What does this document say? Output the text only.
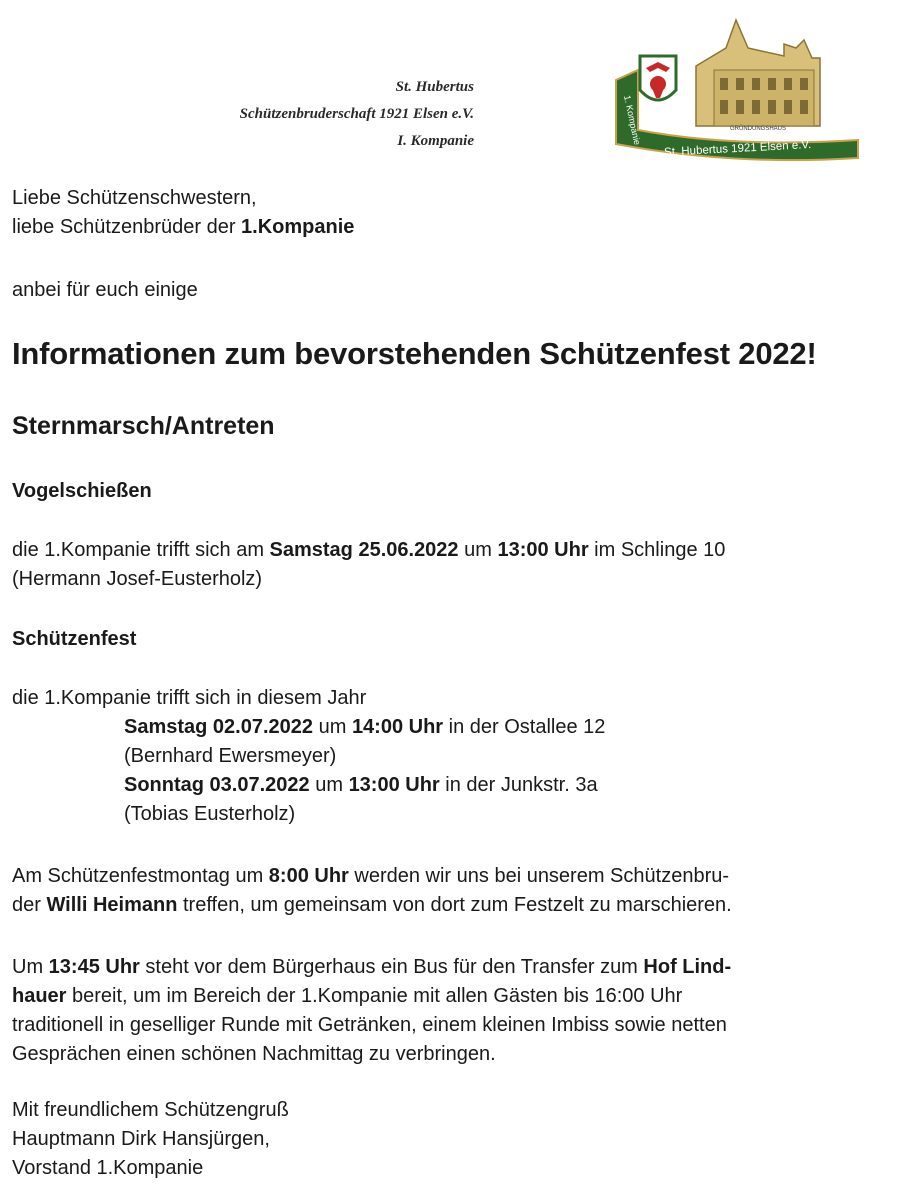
St. Hubertus
Schützenbruderschaft 1921 Elsen e.V.
I. Kompanie
GRÜNDUNGSHAUS
1. Kompanie
St. Hubertus 1921 Elsen e.V.
Liebe Schützenschwestern,
liebe Schützenbrüder der 1.Kompanie
anbei für euch einige
Informationen zum bevorstehenden Schützenfest 2022!
Sternmarsch/Antreten
Vogelschießen
die 1.Kompanie trifft sich am Samstag 25.06.2022 um 13:00 Uhr im Schlinge 10
(Hermann Josef-Eusterholz)
Schützenfest
die 1.Kompanie trifft sich in diesem Jahr
Samstag 02.07.2022 um 14:00 Uhr in der Ostallee 12
(Bernhard Ewersmeyer)
Sonntag 03.07.2022 um 13:00 Uhr in der Junkstr. 3a
(Tobias Eusterholz)
Am Schützenfestmontag um 8:00 Uhr werden wir uns bei unserem Schützenbru-
der Willi Heimann treffen, um gemeinsam von dort zum Festzelt zu marschieren.
Um 13:45 Uhr steht vor dem Bürgerhaus ein Bus für den Transfer zum Hof Lind-
hauer bereit, um im Bereich der 1.Kompanie mit allen Gästen bis 16:00 Uhr
traditionell in geselliger Runde mit Getränken, einem kleinen Imbiss sowie netten
Gesprächen einen schönen Nachmittag zu verbringen.
Mit freundlichem Schützengruß
Hauptmann Dirk Hansjürgen,
Vorstand 1.Kompanie
